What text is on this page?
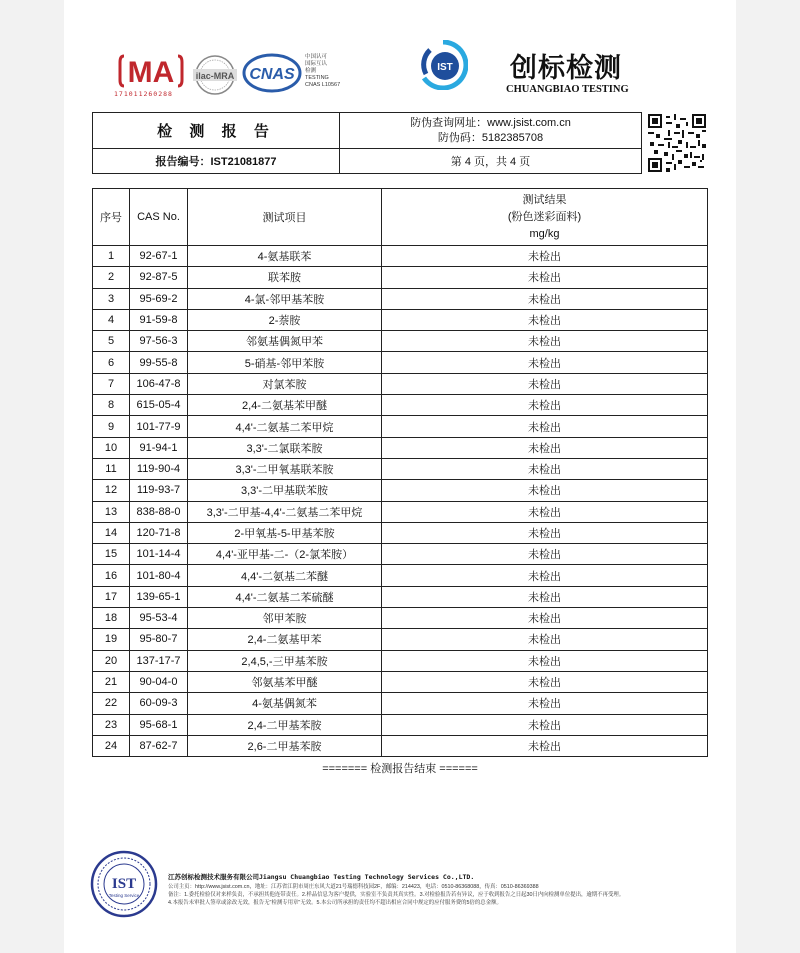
MA
171011260288
ilac-MRA CNAS
中国认可
国际互认
检测
TESTING
CNAS L10567
IST 创标检测
CHUANGBIAO TESTING
检 测 报 告
报告编号：IST21081877
防伪查询网址：www.jsist.com.cn
防伪码：5182385708
第 4 页，共 4 页
序号	CAS No.	测试项目	测试结果
(粉色迷彩面料)
mg/kg

1	92-67-1	4-氨基联苯	未检出
2	92-87-5	联苯胺	未检出
3	95-69-2	4-氯-邻甲基苯胺	未检出
4	91-59-8	2-萘胺	未检出
5	97-56-3	邻氨基偶氮甲苯	未检出
6	99-55-8	5-硝基-邻甲苯胺	未检出
7	106-47-8	对氯苯胺	未检出
8	615-05-4	2,4-二氨基苯甲醚	未检出
9	101-77-9	4,4'-二氨基二苯甲烷	未检出
10	91-94-1	3,3'-二氯联苯胺	未检出
11	119-90-4	3,3'-二甲氧基联苯胺	未检出
12	119-93-7	3,3'-二甲基联苯胺	未检出
13	838-88-0	3,3'-二甲基-4,4'-二氨基二苯甲烷	未检出
14	120-71-8	2-甲氧基-5-甲基苯胺	未检出
15	101-14-4	4,4'-亚甲基-二-（2-氯苯胺）	未检出
16	101-80-4	4,4'-二氨基二苯醚	未检出
17	139-65-1	4,4'-二氨基二苯硫醚	未检出
18	95-53-4	邻甲苯胺	未检出
19	95-80-7	2,4-二氨基甲苯	未检出
20	137-17-7	2,4,5,-三甲基苯胺	未检出
21	90-04-0	邻氨基苯甲醚	未检出
22	60-09-3	4-氨基偶氮苯	未检出
23	95-68-1	2,4-二甲基苯胺	未检出
24	87-62-7	2,6-二甲基苯胺	未检出
======= 检测报告结束 ======
IST
Testing Service
江苏创标检测技术服务有限公司Jiangsu Chuangbiao Testing Technology Services Co.,LTD.
公司主页：http://www.jsist.com.cn，地址：江苏省江阴市周庄东风大道21号瑞德科技园2F，邮编：214423，电话：0510-86368088，传真：0510-86369388
备注：1.委托检验仅对来样负责，不承担其他连带责任。2.样品信息为客户提供，实验室不负责其真实性。3.对检验报告若有异议，应于收到报告之日起30日内向检测单位提出，逾期不再受理。
4.本报告未审批人签章或涂改无效，报告无"检测专用章"无效。5.本公司所承担的责任均不超出相应合同中规定的应付服务费的5倍的总金额。
